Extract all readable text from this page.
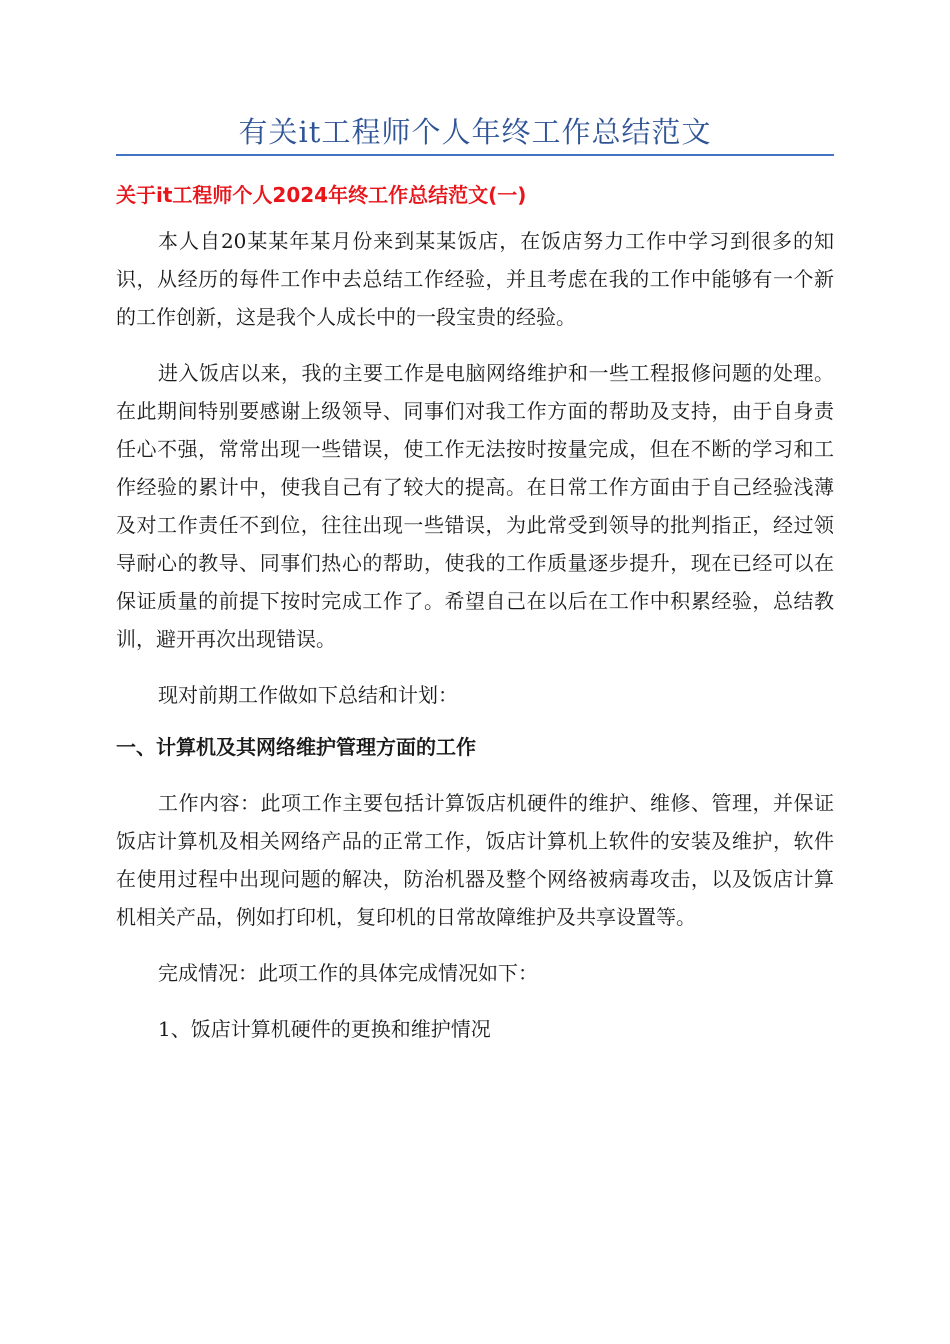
有关it工程师个人年终工作总结范文
关于it工程师个人2024年终工作总结范文(一)

本人自20某某年某月份来到某某饭店，在饭店努力工作中学习到很多的知识，从经历的每件工作中去总结工作经验，并且考虑在我的工作中能够有一个新的工作创新，这是我个人成长中的一段宝贵的经验。

进入饭店以来，我的主要工作是电脑网络维护和一些工程报修问题的处理。在此期间特别要感谢上级领导、同事们对我工作方面的帮助及支持，由于自身责任心不强，常常出现一些错误，使工作无法按时按量完成，但在不断的学习和工作经验的累计中，使我自己有了较大的提高。在日常工作方面由于自己经验浅薄及对工作责任不到位，往往出现一些错误，为此常受到领导的批判指正，经过领导耐心的教导、同事们热心的帮助，使我的工作质量逐步提升，现在已经可以在保证质量的前提下按时完成工作了。希望自己在以后在工作中积累经验，总结教训，避开再次出现错误。

现对前期工作做如下总结和计划：

一、计算机及其网络维护管理方面的工作

工作内容：此项工作主要包括计算饭店机硬件的维护、维修、管理，并保证饭店计算机及相关网络产品的正常工作，饭店计算机上软件的安装及维护，软件在使用过程中出现问题的解决，防治机器及整个网络被病毒攻击，以及饭店计算机相关产品，例如打印机，复印机的日常故障维护及共享设置等。

完成情况：此项工作的具体完成情况如下：

1、饭店计算机硬件的更换和维护情况
